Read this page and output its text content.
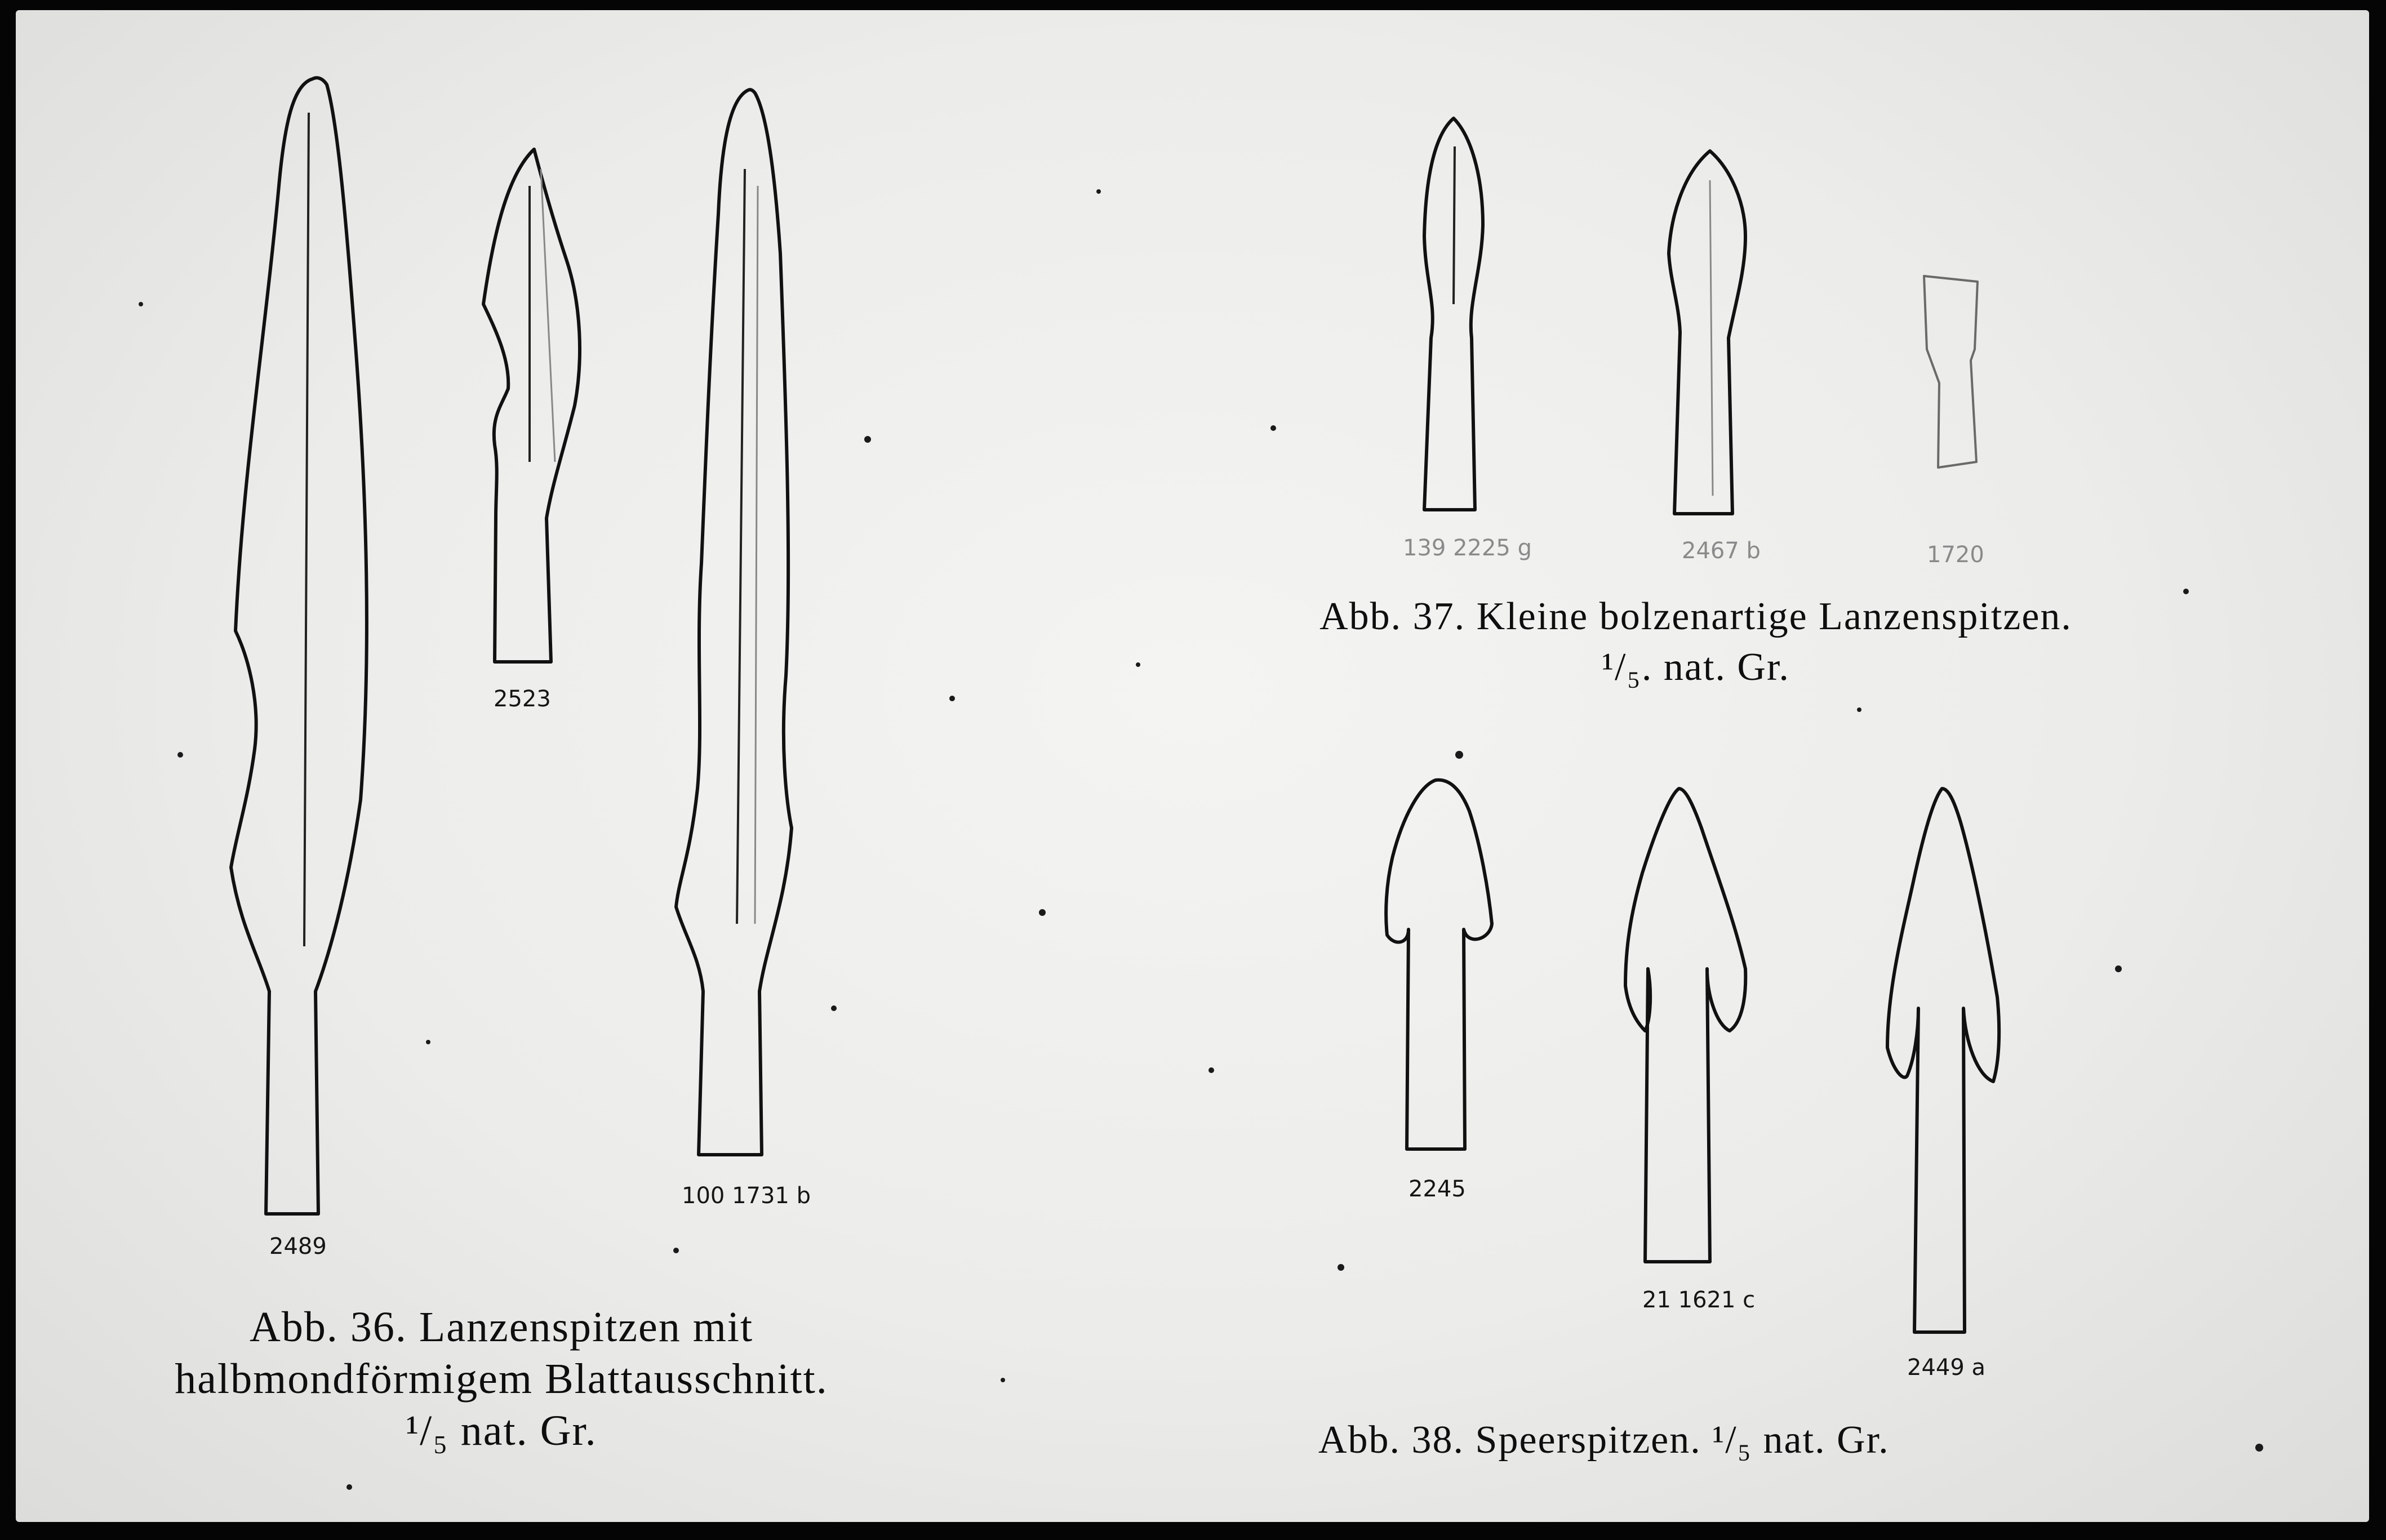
2489
2523
100 1731 b
139 2225 g	2467 b	1720
2245
21 1621 c
2449 a
Abb. 36. Lanzenspitzen mit
halbmondförmigem Blattausschnitt.
¹/₅ nat. Gr.
Abb. 37. Kleine bolzenartige Lanzenspitzen.
¹/₅. nat. Gr.
Abb. 38. Speerspitzen. ¹/₅ nat. Gr.
